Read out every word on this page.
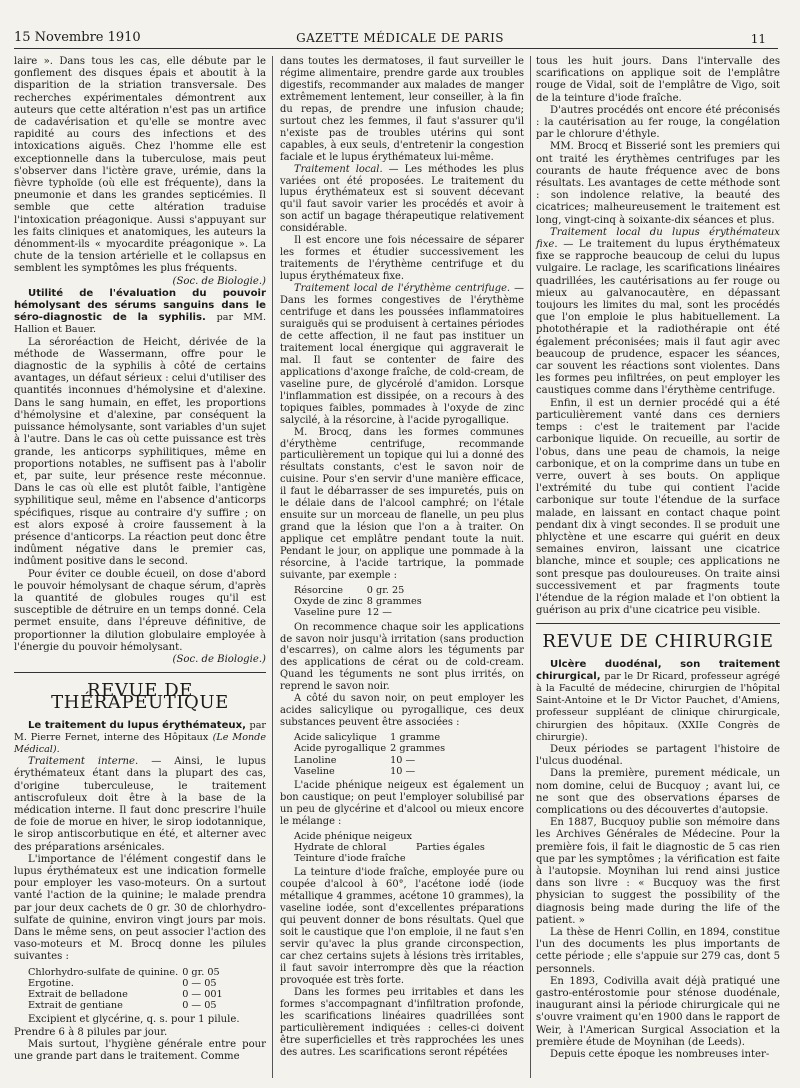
15 Novembre 1910	GAZETTE MÉDICALE DE PARIS	11

laire ». Dans tous les cas, elle débute par le gonflement des disques épais et aboutit à la disparition de la striation transversale. Des recherches expérimentales démontrent aux auteurs que cette altération n'est pas un artifice de cadavérisation et qu'elle se montre avec rapidité au cours des infections et des intoxications aiguës. Chez l'homme elle est exceptionnelle dans la tuberculose, mais peut s'observer dans l'ictère grave, urémie, dans la fièvre typhoïde (où elle est fréquente), dans la pneumonie et dans les grandes septicémies. Il semble que cette altération traduise l'intoxication préagonique. Aussi s'appuyant sur les faits cliniques et anatomiques, les auteurs la dénomment-ils « myocardite préagonique ». La chute de la tension artérielle et le collapsus en semblent les symptômes les plus fréquents.

(Soc. de Biologie.)

Utilité de l'évaluation du pouvoir hémolysant des sérums sanguins dans le séro-diagnostic de la syphilis. par MM. Hallion et Bauer.

La séroréaction de Heicht, dérivée de la méthode de Wassermann, offre pour le diagnostic de la syphilis à côté de certains avantages, un défaut sérieux : celui d'utiliser des quantités inconnues d'hémolysine et d'alexine. Dans le sang humain, en effet, les proportions d'hémolysine et d'alexine, par conséquent la puissance hémolysante, sont variables d'un sujet à l'autre. Dans le cas où cette puissance est très grande, les anticorps syphilitiques, même en proportions notables, ne suffisent pas à l'abolir et, par suite, leur présence reste méconnue. Dans le cas où elle est plutôt faible, l'antigène syphilitique seul, même en l'absence d'anticorps spécifiques, risque au contraire d'y suffire ; on est alors exposé à croire faussement à la présence d'anticorps. La réaction peut donc être indûment négative dans le premier cas, indûment positive dans le second.

Pour éviter ce double écueil, on dose d'abord le pouvoir hémolysant de chaque sérum, d'après la quantité de globules rouges qu'il est susceptible de détruire en un temps donné. Cela permet ensuite, dans l'épreuve définitive, de proportionner la dilution globulaire employée à l'énergie du pouvoir hémolysant.

(Soc. de Biologie.)

REVUE DE THÉRAPEUTIQUE

Le traitement du lupus érythémateux, par M. Pierre Fernet, interne des Hôpitaux (Le Monde Médical).

Traitement interne. — Ainsi, le lupus érythémateux étant dans la plupart des cas, d'origine tuberculeuse, le traitement antiscrofuleux doit être à la base de la médication interne. Il faut donc prescrire l'huile de foie de morue en hiver, le sirop iodotannique, le sirop antiscorbutique en été, et alterner avec des préparations arsénicales.

L'importance de l'élément congestif dans le lupus érythémateux est une indication formelle pour employer les vaso-moteurs. On a surtout vanté l'action de la quinine; le malade prendra par jour deux cachets de 0 gr. 30 de chlorhydro-sulfate de quinine, environ vingt jours par mois. Dans le même sens, on peut associer l'action des vaso-moteurs et M. Brocq donne les pilules suivantes :

Chlorhydro-sulfate de quinine.	0 gr. 05
Ergotine.	0 — 05
Extrait de belladone	0 — 001
Extrait de gentiane	0 — 05

Excipient et glycérine, q. s. pour 1 pilule.

Prendre 6 à 8 pilules par jour.

Mais surtout, l'hygiène générale entre pour une grande part dans le traitement. Comme

dans toutes les dermatoses, il faut surveiller le régime alimentaire, prendre garde aux troubles digestifs, recommander aux malades de manger extrêmement lentement, leur conseiller, à la fin du repas, de prendre une infusion chaude; surtout chez les femmes, il faut s'assurer qu'il n'existe pas de troubles utérins qui sont capables, à eux seuls, d'entretenir la congestion faciale et le lupus érythémateux lui-même.

Traitement local. — Les méthodes les plus variées ont été proposées. Le traitement du lupus érythémateux est si souvent décevant qu'il faut savoir varier les procédés et avoir à son actif un bagage thérapeutique relativement considérable.

Il est encore une fois nécessaire de séparer les formes et étudier successivement les traitements de l'érythème centrifuge et du lupus érythémateux fixe.

Traitement local de l'érythème centrifuge. — Dans les formes congestives de l'érythème centrifuge et dans les poussées inflammatoires suraiguës qui se produisent à certaines périodes de cette affection, il ne faut pas instituer un traitement local énergique qui aggraverait le mal. Il faut se contenter de faire des applications d'axonge fraîche, de cold-cream, de vaseline pure, de glycérolé d'amidon. Lorsque l'inflammation est dissipée, on a recours à des topiques faibles, pommades à l'oxyde de zinc salycilé, à la résorcine, à l'acide pyrogallique.

M. Brocq, dans les formes communes d'érythème centrifuge, recommande particulièrement un topique qui lui a donné des résultats constants, c'est le savon noir de cuisine. Pour s'en servir d'une manière efficace, il faut le débarrasser de ses impuretés, puis on le délaie dans de l'alcool camphré; on l'étale ensuite sur un morceau de flanelle, un peu plus grand que la lésion que l'on a à traiter. On applique cet emplâtre pendant toute la nuit. Pendant le jour, on applique une pommade à la résorcine, à l'acide tartrique, la pommade suivante, par exemple :

Résorcine	0 gr. 25
Oxyde de zinc	8 grammes
Vaseline pure	12 —

On recommence chaque soir les applications de savon noir jusqu'à irritation (sans production d'escarres), on calme alors les téguments par des applications de cérat ou de cold-cream. Quand les téguments ne sont plus irrités, on reprend le savon noir.

A côté du savon noir, on peut employer les acides salicylique ou pyrogallique, ces deux substances peuvent être associées :

Acide salicylique	1 gramme
Acide pyrogallique	2 grammes
Lanoline	10 —
Vaseline	10 —

L'acide phénique neigeux est également un bon caustique; on peut l'employer solubilisé par un peu de glycérine et d'alcool ou mieux encore le mélange :

Acide phénique neigeux	
Hydrate de chloral	Parties égales
Teinture d'iode fraîche	

La teinture d'iode fraîche, employée pure ou coupée d'alcool à 60°, l'acétone iodé (iode métallique 4 grammes, acétone 10 grammes), la vaseline iodée, sont d'excellentes préparations qui peuvent donner de bons résultats. Quel que soit le caustique que l'on emploie, il ne faut s'en servir qu'avec la plus grande circonspection, car chez certains sujets à lésions très irritables, il faut savoir interrompre dès que la réaction provoquée est très forte.

Dans les formes peu irritables et dans les formes s'accompagnant d'infiltration profonde, les scarifications linéaires quadrillées sont particulièrement indiquées : celles-ci doivent être superficielles et très rapprochées les unes des autres. Les scarifications seront répétées

tous les huit jours. Dans l'intervalle des scarifications on applique soit de l'emplâtre rouge de Vidal, soit de l'emplâtre de Vigo, soit de la teinture d'iode fraîche.

D'autres procédés ont encore été préconisés : la cautérisation au fer rouge, la congélation par le chlorure d'éthyle.

MM. Brocq et Bisserié sont les premiers qui ont traité les érythèmes centrifuges par les courants de haute fréquence avec de bons résultats. Les avantages de cette méthode sont : son indolence relative, la beauté des cicatrices; malheureusement le traitement est long, vingt-cinq à soixante-dix séances et plus.

Traitement local du lupus érythémateux fixe. — Le traitement du lupus érythémateux fixe se rapproche beaucoup de celui du lupus vulgaire. Le raclage, les scarifications linéaires quadrillées, les cautérisations au fer rouge ou mieux au galvanocautère, en dépassant toujours les limites du mal, sont les procédés que l'on emploie le plus habituellement. La photothérapie et la radiothérapie ont été également préconisées; mais il faut agir avec beaucoup de prudence, espacer les séances, car souvent les réactions sont violentes. Dans les formes peu infiltrées, on peut employer les caustiques comme dans l'érythème centrifuge.

Enfin, il est un dernier procédé qui a été particulièrement vanté dans ces derniers temps : c'est le traitement par l'acide carbonique liquide. On recueille, au sortir de l'obus, dans une peau de chamois, la neige carbonique, et on la comprime dans un tube en verre, ouvert à ses bouts. On applique l'extrémité du tube qui contient l'acide carbonique sur toute l'étendue de la surface malade, en laissant en contact chaque point pendant dix à vingt secondes. Il se produit une phlyctène et une escarre qui guérit en deux semaines environ, laissant une cicatrice blanche, mince et souple; ces applications ne sont presque pas douloureuses. On traite ainsi successivement et par fragments toute l'étendue de la région malade et l'on obtient la guérison au prix d'une cicatrice peu visible.

REVUE DE CHIRURGIE

Ulcère duodénal, son traitement chirurgical, par le Dr Ricard, professeur agrégé à la Faculté de médecine, chirurgien de l'hôpital Saint-Antoine et le Dr Victor Pauchet, d'Amiens, professeur suppléant de clinique chirurgicale, chirurgien des hôpitaux. (XXIIe Congrès de chirurgie).

Deux périodes se partagent l'histoire de l'ulcus duodénal.

Dans la première, purement médicale, un nom domine, celui de Bucquoy ; avant lui, ce ne sont que des observations éparses de complications ou des découvertes d'autopsie.

En 1887, Bucquoy publie son mémoire dans les Archives Générales de Médecine. Pour la première fois, il fait le diagnostic de 5 cas rien que par les symptômes ; la vérification est faite à l'autopsie. Moynihan lui rend ainsi justice dans son livre : « Bucquoy was the first physician to suggest the possibility of the diagnosis being made during the life of the patient. »

La thèse de Henri Collin, en 1894, constitue l'un des documents les plus importants de cette période ; elle s'appuie sur 279 cas, dont 5 personnels.

En 1893, Codivilla avait déjà pratiqué une gastro-entérostomie pour sténose duodénale, inaugurant ainsi la période chirurgicale qui ne s'ouvre vraiment qu'en 1900 dans le rapport de Weir, à l'American Surgical Association et la première étude de Moynihan (de Leeds).

Depuis cette époque les nombreuses inter-
